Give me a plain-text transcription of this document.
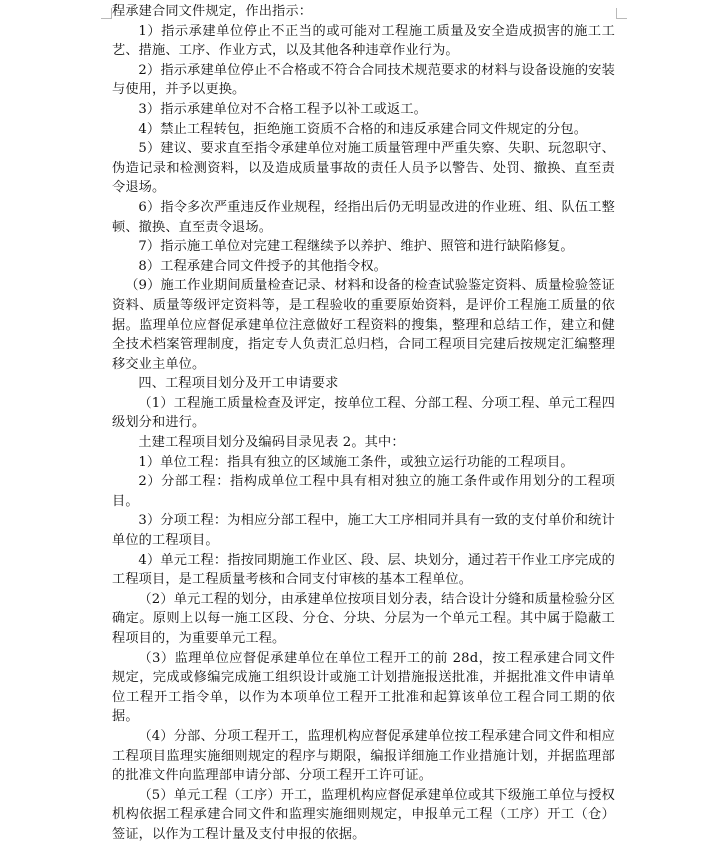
程承建合同文件规定，作出指示：

1）指示承建单位停止不正当的或可能对工程施工质量及安全造成损害的施工工艺、措施、工序、作业方式，以及其他各种违章作业行为。

2）指示承建单位停止不合格或不符合合同技术规范要求的材料与设备设施的安装与使用，并予以更换。

3）指示承建单位对不合格工程予以补工或返工。

4）禁止工程转包，拒绝施工资质不合格的和违反承建合同文件规定的分包。

5）建议、要求直至指令承建单位对施工质量管理中严重失察、失职、玩忽职守、伪造记录和检测资料，以及造成质量事故的责任人员予以警告、处罚、撤换、直至责令退场。

6）指令多次严重违反作业规程，经指出后仍无明显改进的作业班、组、队伍工整顿、撤换、直至责令退场。

7）指示施工单位对完建工程继续予以养护、维护、照管和进行缺陷修复。

8）工程承建合同文件授予的其他指令权。

（9）施工作业期间质量检查记录、材料和设备的检查试验鉴定资料、质量检验签证资料、质量等级评定资料等，是工程验收的重要原始资料，是评价工程施工质量的依据。监理单位应督促承建单位注意做好工程资料的搜集，整理和总结工作，建立和健全技术档案管理制度，指定专人负责汇总归档，合同工程项目完建后按规定汇编整理移交业主单位。

四、工程项目划分及开工申请要求

（1）工程施工质量检查及评定，按单位工程、分部工程、分项工程、单元工程四级划分和进行。

土建工程项目划分及编码目录见表 2。其中：

1）单位工程：指具有独立的区域施工条件，或独立运行功能的工程项目。

2）分部工程：指构成单位工程中具有相对独立的施工条件或作用划分的工程项目。

3）分项工程：为相应分部工程中，施工大工序相同并具有一致的支付单价和统计单位的工程项目。

4）单元工程：指按同期施工作业区、段、层、块划分，通过若干作业工序完成的工程项目，是工程质量考核和合同支付审核的基本工程单位。

（2）单元工程的划分，由承建单位按项目划分表，结合设计分缝和质量检验分区确定。原则上以每一施工区段、分仓、分块、分层为一个单元工程。其中属于隐蔽工程项目的，为重要单元工程。

（3）监理单位应督促承建单位在单位工程开工的前 28d，按工程承建合同文件规定，完成或修编完成施工组织设计或施工计划措施报送批准，并据批准文件申请单位工程开工指令单，以作为本项单位工程开工批准和起算该单位工程合同工期的依据。

（4）分部、分项工程开工，监理机构应督促承建单位按工程承建合同文件和相应工程项目监理实施细则规定的程序与期限，编报详细施工作业措施计划，并据监理部的批准文件向监理部申请分部、分项工程开工许可证。

（5）单元工程（工序）开工，监理机构应督促承建单位或其下级施工单位与授权机构依据工程承建合同文件和监理实施细则规定，申报单元工程（工序）开工（仓）签证，以作为工程计量及支付申报的依据。
